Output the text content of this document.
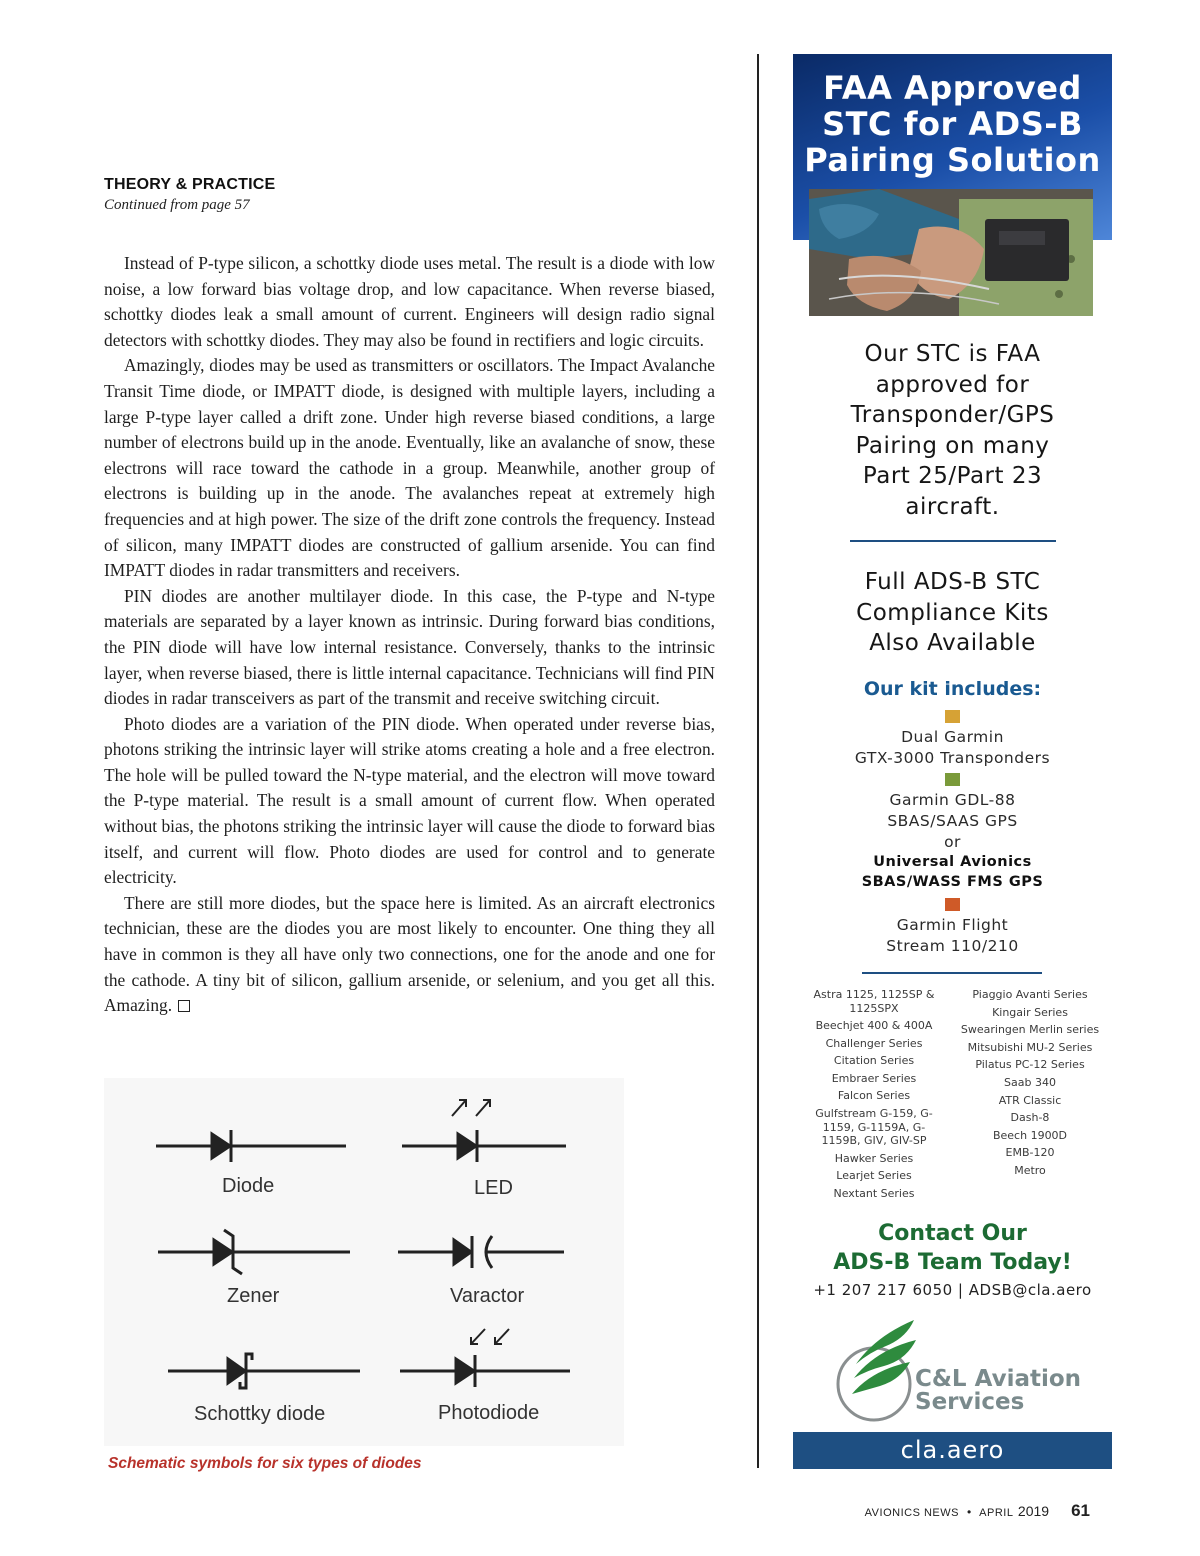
THEORY & PRACTICE
Continued from page 57

Instead of P-type silicon, a schottky diode uses metal. The result is a diode with low noise, a low forward bias voltage drop, and low capacitance. When reverse biased, schottky diodes leak a small amount of current. Engineers will design radio signal detectors with schottky diodes. They may also be found in rectifiers and logic circuits.

Amazingly, diodes may be used as transmitters or oscillators. The Impact Avalanche Transit Time diode, or IMPATT diode, is designed with multiple layers, including a large P-type layer called a drift zone. Under high reverse biased conditions, a large number of electrons build up in the anode. Eventually, like an avalanche of snow, these electrons will race toward the cathode in a group. Meanwhile, another group of electrons is building up in the anode. The avalanches repeat at extremely high frequencies and at high power. The size of the drift zone controls the frequency. Instead of silicon, many IMPATT diodes are constructed of gallium arsenide. You can find IMPATT diodes in radar transmitters and receivers.

PIN diodes are another multilayer diode. In this case, the P-type and N-type materials are separated by a layer known as intrinsic. During forward bias conditions, the PIN diode will have low internal resistance. Conversely, thanks to the intrinsic layer, when reverse biased, there is little internal capacitance. Technicians will find PIN diodes in radar transceivers as part of the transmit and receive switching circuit.

Photo diodes are a variation of the PIN diode. When operated under reverse bias, photons striking the intrinsic layer will strike atoms creating a hole and a free electron. The hole will be pulled toward the N-type material, and the electron will move toward the P-type material. The result is a small amount of current flow. When operated without bias, the photons striking the intrinsic layer will cause the diode to forward bias itself, and current will flow. Photo diodes are used for control and to generate electricity.

There are still more diodes, but the space here is limited. As an aircraft electronics technician, these are the diodes you are most likely to encounter. One thing they all have in common is they all have only two connections, one for the anode and one for the cathode. A tiny bit of silicon, gallium arsenide, or selenium, and you get all this. Amazing.

Diode	LED
Zener	Varactor
Schottky diode	Photodiode
Schematic symbols for six types of diodes
FAA Approved
STC for ADS-B
Pairing Solution
Our STC is FAA
approved for
Transponder/GPS
Pairing on many
Part 25/Part 23
aircraft.
Full ADS-B STC
Compliance Kits
Also Available
Our kit includes:
Dual Garmin
GTX-3000 Transponders
Garmin GDL-88
SBAS/SAAS GPS
or
Universal Avionics
SBAS/WASS FMS GPS
Garmin Flight
Stream 110/210
Astra 1125, 1125SP & 1125SPX
Beechjet 400 & 400A
Challenger Series
Citation Series
Embraer Series
Falcon Series
Gulfstream G-159, G-1159, G-1159A, G-1159B, GIV, GIV-SP
Hawker Series
Learjet Series
Nextant Series
Piaggio Avanti Series
Kingair Series
Swearingen Merlin series
Mitsubishi MU-2 Series
Pilatus PC-12 Series
Saab 340
ATR Classic
Dash-8
Beech 1900D
EMB-120
Metro
Contact Our
ADS-B Team Today!
+1 207 217 6050 | ADSB@cla.aero
C&L Aviation
Services
cla.aero
AVIONICS NEWS • APRIL 2019 61
